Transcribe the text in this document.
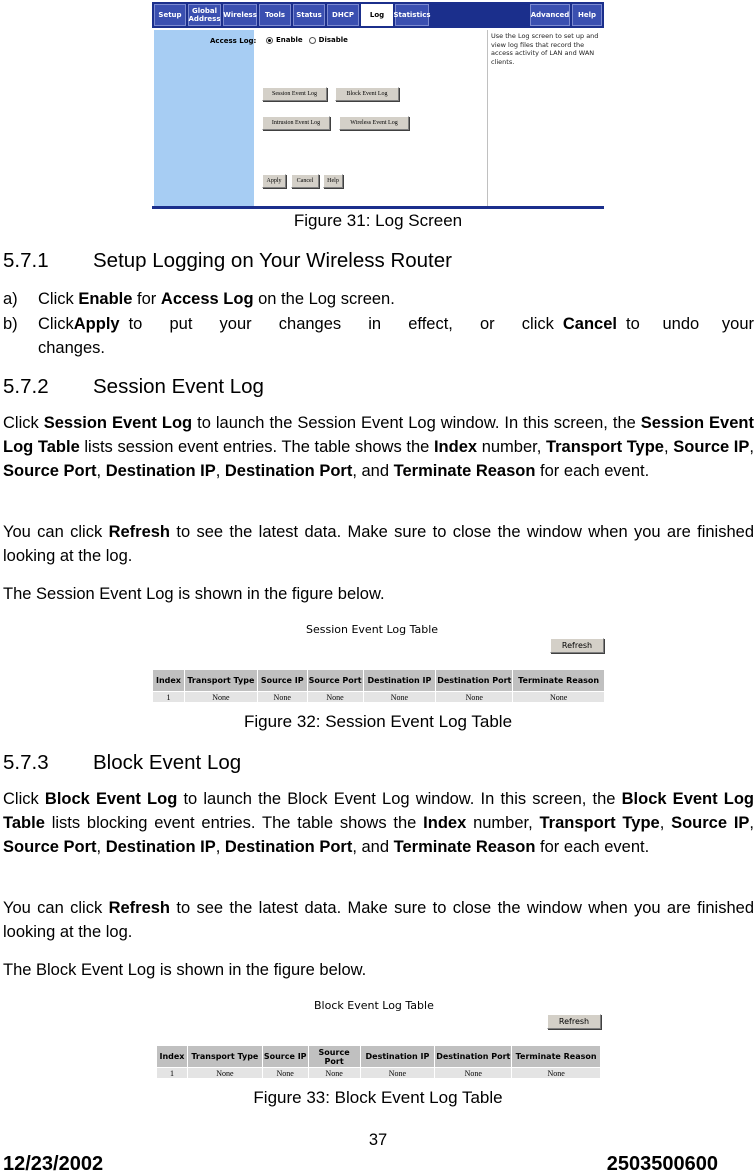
Setup	Global Address Wireless	Tools	Status	DHCP	Log	Statistics	Advanced	Help
Use the Log screen to set up and view log files that record the access activity of LAN and WAN clients.
Access Log:	Enable Disable
Session Event Log	Block Event Log
Intrusion Event Log	Wireless Event Log
Apply	Cancel	Help
Figure 31: Log Screen
5.7.1	Setup Logging on Your Wireless Router
a) Click Enable for Access Log on the Log screen.
b) Click Apply to put your changes in effect, or click Cancel to undo your
changes.
5.7.2	Session Event Log

Click Session Event Log to launch the Session Event Log window. In this screen, the Session Event Log Table lists session event entries. The table shows the Index number, Transport Type, Source IP, Source Port, Destination IP, Destination Port, and Terminate Reason for each event.

You can click Refresh to see the latest data. Make sure to close the window when you are finished looking at the log.

The Session Event Log is shown in the figure below.

Session Event Log Table
Refresh
Index	Transport Type	Source IP	Source Port	Destination IP	Destination Port	Terminate Reason
1	None	None	None	None	None	None
Figure 32: Session Event Log Table
5.7.3	Block Event Log

Click Block Event Log to launch the Block Event Log window. In this screen, the Block Event Log Table lists blocking event entries. The table shows the Index number, Transport Type, Source IP, Source Port, Destination IP, Destination Port, and Terminate Reason for each event.

You can click Refresh to see the latest data. Make sure to close the window when you are finished looking at the log.

The Block Event Log is shown in the figure below.

Block Event Log Table
Refresh
Index	Transport Type	Source IP	Source Port	Destination IP	Destination Port	Terminate Reason
1	None	None	None	None	None	None
Figure 33: Block Event Log Table
37
12/23/2002	2503500600
